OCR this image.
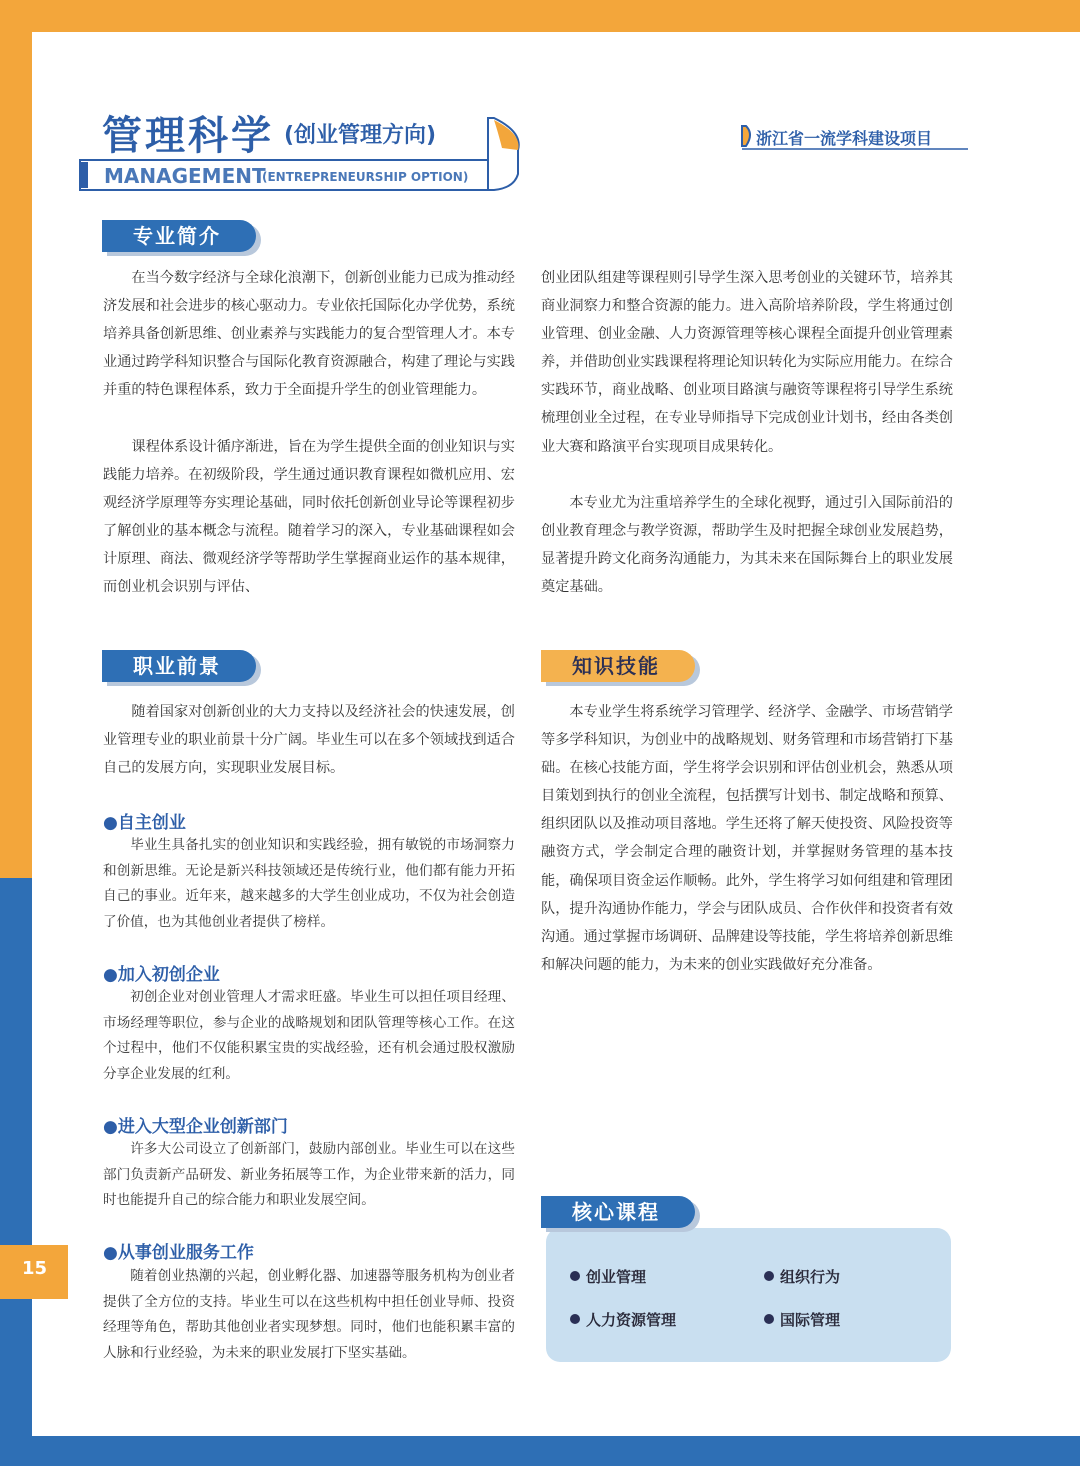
管理科学 (创业管理方向)
MANAGEMENT
(ENTREPRENEURSHIP OPTION)
浙江省一流学科建设项目
专业简介

在当今数字经济与全球化浪潮下，创新创业能力已成为推动经济发展和社会进步的核心驱动力。专业依托国际化办学优势，系统培养具备创新思维、创业素养与实践能力的复合型管理人才。本专业通过跨学科知识整合与国际化教育资源融合，构建了理论与实践并重的特色课程体系，致力于全面提升学生的创业管理能力。

课程体系设计循序渐进，旨在为学生提供全面的创业知识与实践能力培养。在初级阶段，学生通过通识教育课程如微机应用、宏观经济学原理等夯实理论基础，同时依托创新创业导论等课程初步了解创业的基本概念与流程。随着学习的深入，专业基础课程如会计原理、商法、微观经济学等帮助学生掌握商业运作的基本规律，而创业机会识别与评估、

创业团队组建等课程则引导学生深入思考创业的关键环节，培养其商业洞察力和整合资源的能力。进入高阶培养阶段，学生将通过创业管理、创业金融、人力资源管理等核心课程全面提升创业管理素养，并借助创业实践课程将理论知识转化为实际应用能力。在综合实践环节，商业战略、创业项目路演与融资等课程将引导学生系统梳理创业全过程，在专业导师指导下完成创业计划书，经由各类创业大赛和路演平台实现项目成果转化。

本专业尤为注重培养学生的全球化视野，通过引入国际前沿的创业教育理念与教学资源，帮助学生及时把握全球创业发展趋势，显著提升跨文化商务沟通能力，为其未来在国际舞台上的职业发展奠定基础。

职业前景

随着国家对创新创业的大力支持以及经济社会的快速发展，创业管理专业的职业前景十分广阔。毕业生可以在多个领域找到适合自己的发展方向，实现职业发展目标。

●自主创业

毕业生具备扎实的创业知识和实践经验，拥有敏锐的市场洞察力和创新思维。无论是新兴科技领域还是传统行业，他们都有能力开拓自己的事业。近年来，越来越多的大学生创业成功，不仅为社会创造了价值，也为其他创业者提供了榜样。

●加入初创企业

初创企业对创业管理人才需求旺盛。毕业生可以担任项目经理、市场经理等职位，参与企业的战略规划和团队管理等核心工作。在这个过程中，他们不仅能积累宝贵的实战经验，还有机会通过股权激励分享企业发展的红利。

●进入大型企业创新部门

许多大公司设立了创新部门，鼓励内部创业。毕业生可以在这些部门负责新产品研发、新业务拓展等工作，为企业带来新的活力，同时也能提升自己的综合能力和职业发展空间。

●从事创业服务工作

随着创业热潮的兴起，创业孵化器、加速器等服务机构为创业者提供了全方位的支持。毕业生可以在这些机构中担任创业导师、投资经理等角色，帮助其他创业者实现梦想。同时，他们也能积累丰富的人脉和行业经验，为未来的职业发展打下坚实基础。

知识技能

本专业学生将系统学习管理学、经济学、金融学、市场营销学等多学科知识，为创业中的战略规划、财务管理和市场营销打下基础。在核心技能方面，学生将学会识别和评估创业机会，熟悉从项目策划到执行的创业全流程，包括撰写计划书、制定战略和预算、组织团队以及推动项目落地。学生还将了解天使投资、风险投资等融资方式，学会制定合理的融资计划，并掌握财务管理的基本技能，确保项目资金运作顺畅。此外，学生将学习如何组建和管理团队，提升沟通协作能力，学会与团队成员、合作伙伴和投资者有效沟通。通过掌握市场调研、品牌建设等技能，学生将培养创新思维和解决问题的能力，为未来的创业实践做好充分准备。

核心课程
创业管理	组织行为
人力资源管理	国际管理
15
